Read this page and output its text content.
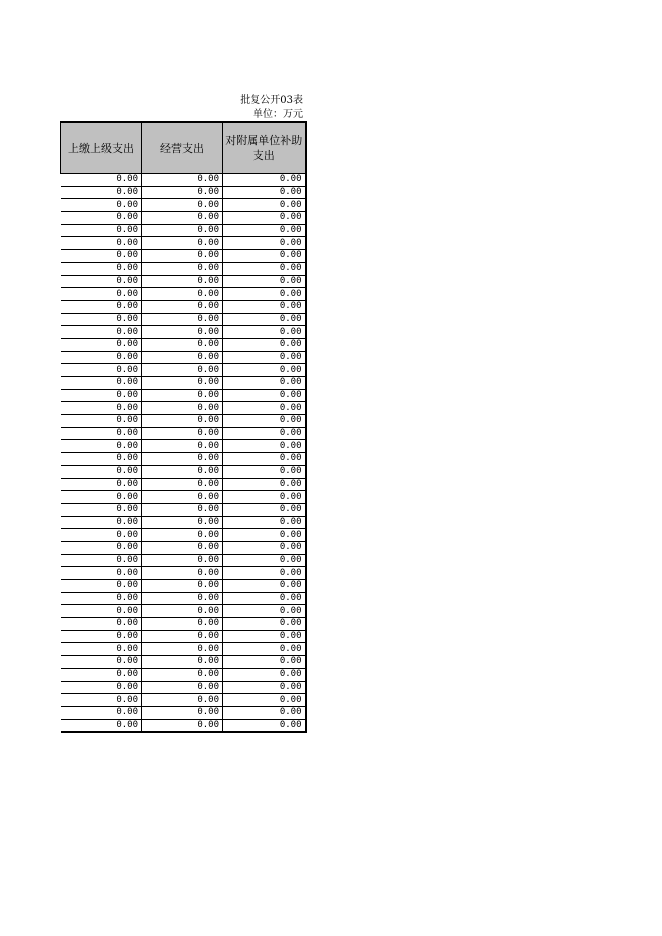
批复公开03表
单位：万元
上缴上级支出	经营支出	对附属单位补助支出
0.00	0.00	0.00
0.00	0.00	0.00
0.00	0.00	0.00
0.00	0.00	0.00
0.00	0.00	0.00
0.00	0.00	0.00
0.00	0.00	0.00
0.00	0.00	0.00
0.00	0.00	0.00
0.00	0.00	0.00
0.00	0.00	0.00
0.00	0.00	0.00
0.00	0.00	0.00
0.00	0.00	0.00
0.00	0.00	0.00
0.00	0.00	0.00
0.00	0.00	0.00
0.00	0.00	0.00
0.00	0.00	0.00
0.00	0.00	0.00
0.00	0.00	0.00
0.00	0.00	0.00
0.00	0.00	0.00
0.00	0.00	0.00
0.00	0.00	0.00
0.00	0.00	0.00
0.00	0.00	0.00
0.00	0.00	0.00
0.00	0.00	0.00
0.00	0.00	0.00
0.00	0.00	0.00
0.00	0.00	0.00
0.00	0.00	0.00
0.00	0.00	0.00
0.00	0.00	0.00
0.00	0.00	0.00
0.00	0.00	0.00
0.00	0.00	0.00
0.00	0.00	0.00
0.00	0.00	0.00
0.00	0.00	0.00
0.00	0.00	0.00
0.00	0.00	0.00
0.00	0.00	0.00
